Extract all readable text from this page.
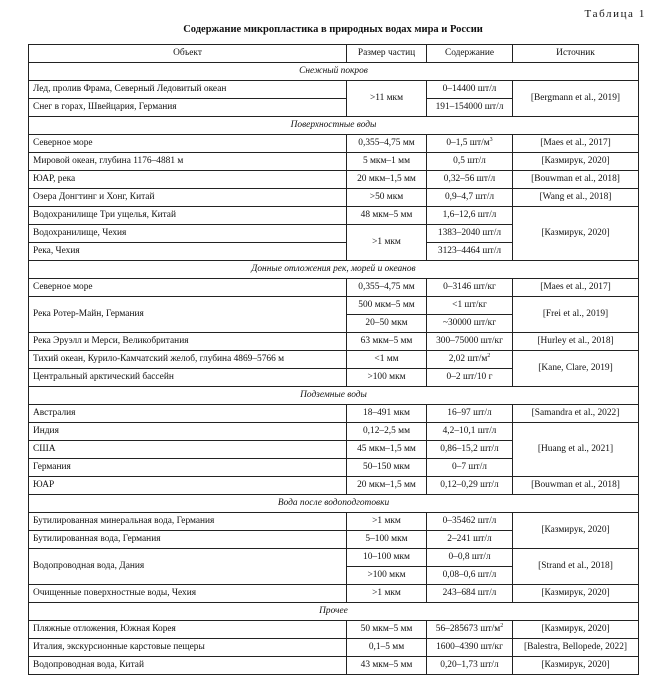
Таблица 1
Содержание микропластика в природных водах мира и России
Объект	Размер частиц	Содержание	Источник
Снежный покров			
Лед, пролив Фрама, Северный Ледовитый океан	>11 мкм	0–14400 шт/л	[Bergmann et al., 2019]
Снег в горах, Швейцария, Германия		191–154000 шт/л	
Поверхностные воды			
Северное море	0,355–4,75 мм	0–1,5 $шт/м^3$	[Maes et al., 2017]
Мировой океан, глубина 1176–4881 м	5 мкм–1 мм	0,5 шт/л	[Казмирук, 2020]
ЮАР, река	20 мкм–1,5 мм	0,32–56 шт/л	[Bouwman et al., 2018]
Озера Донгтинг и Хонг, Китай	>50 мкм	0,9–4,7 шт/л	[Wang et al., 2018]
Водохранилище Три ущелья, Китай	48 мкм–5 мм	1,6–12,6 шт/л	[Казмирук, 2020]
Водохранилище, Чехия	>1 мкм	1383–2040 шт/л	
Река, Чехия		3123–4464 шт/л	
Донные отложения рек, морей и океанов			
Северное море	0,355–4,75 мм	0–3146 шт/кг	[Maes et al., 2017]
Река Ротер-Майн, Германия	500 мкм–5 мм	<1 шт/кг	[Frei et al., 2019]
	20–50 мкм	~30000 шт/кг	
Река Эруэлл и Мерси, Великобритания	63 мкм–5 мм	300–75000 шт/кг	[Hurley et al., 2018]
Тихий океан, Курило-Камчатский желоб, глубина 4869–5766 м	<1 мм	2,02 $шт/м^2$	[Kane, Clare, 2019]
Центральный арктический бассейн	>100 мкм	0–2 шт/10 г	
Подземные воды			
Австралия	18–491 мкм	16–97 шт/л	[Samandra et al., 2022]
Индия	0,12–2,5 мм	4,2–10,1 шт/л	[Huang et al., 2021]
США	45 мкм–1,5 мм	0,86–15,2 шт/л	
Германия	50–150 мкм	0–7 шт/л	
ЮАР	20 мкм–1,5 мм	0,12–0,29 шт/л	[Bouwman et al., 2018]
Вода после водоподготовки			
Бутилированная минеральная вода, Германия	>1 мкм	0–35462 шт/л	[Казмирук, 2020]
Бутилированная вода, Германия	5–100 мкм	2–241 шт/л	
Водопроводная вода, Дания	10–100 мкм	0–0,8 шт/л	[Strand et al., 2018]
	>100 мкм	0,08–0,6 шт/л	
Очищенные поверхностные воды, Чехия	>1 мкм	243–684 шт/л	[Казмирук, 2020]
Прочее			
Пляжные отложения, Южная Корея	50 мкм–5 мм	56–285673 $шт/м^2$	[Казмирук, 2020]
Италия, экскурсионные карстовые пещеры	0,1–5 мм	1600–4390 шт/кг	[Balestra, Bellopede, 2022]
Водопроводная вода, Китай	43 мкм–5 мм	0,20–1,73 шт/л	[Казмирук, 2020]
